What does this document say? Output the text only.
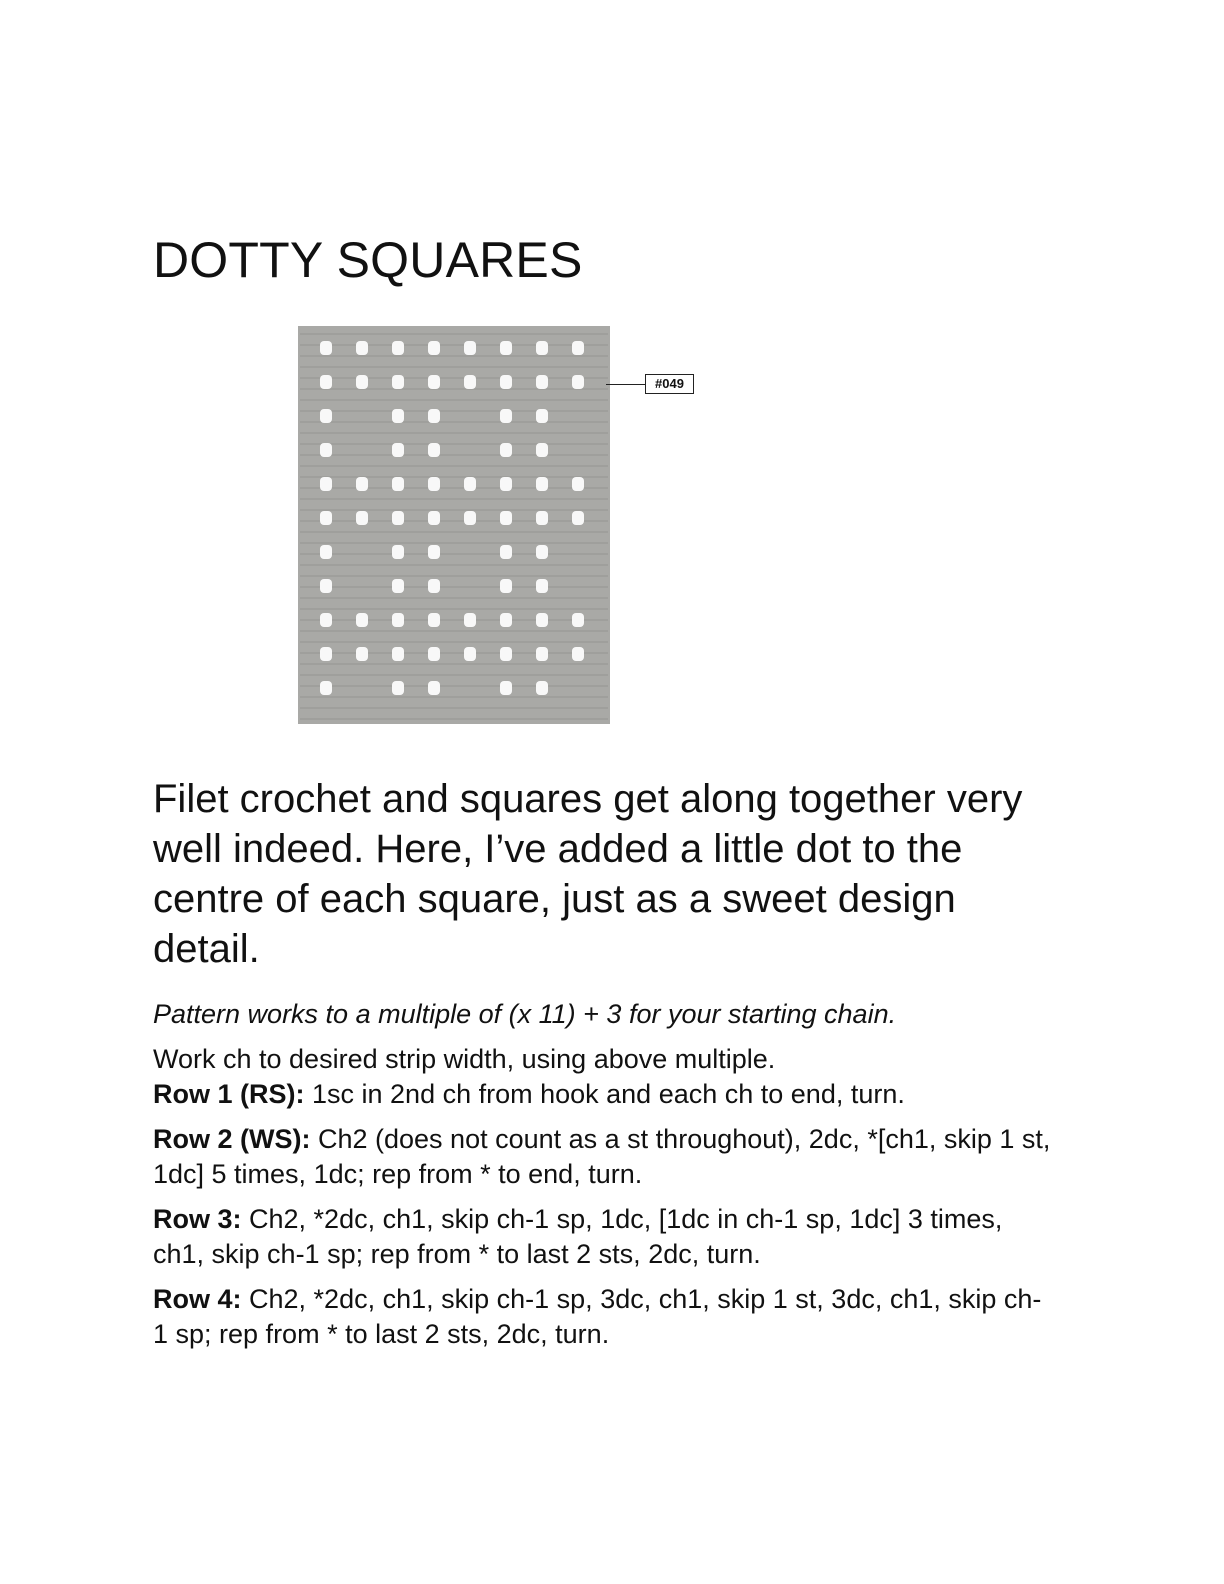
DOTTY SQUARES
#049

Filet crochet and squares get along together very well indeed. Here, I’ve added a little dot to the centre of each square, just as a sweet design detail.

Pattern works to a multiple of (x 11) + 3 for your starting chain.

Work ch to desired strip width, using above multiple.

Row 1 (RS): 1sc in 2nd ch from hook and each ch to end, turn.

Row 2 (WS): Ch2 (does not count as a st throughout), 2dc, *[ch1, skip 1 st, 1dc] 5 times, 1dc; rep from * to end, turn.

Row 3: Ch2, *2dc, ch1, skip ch-1 sp, 1dc, [1dc in ch-1 sp, 1dc] 3 times, ch1, skip ch-1 sp; rep from * to last 2 sts, 2dc, turn.

Row 4: Ch2, *2dc, ch1, skip ch-1 sp, 3dc, ch1, skip 1 st, 3dc, ch1, skip ch-1 sp; rep from * to last 2 sts, 2dc, turn.
